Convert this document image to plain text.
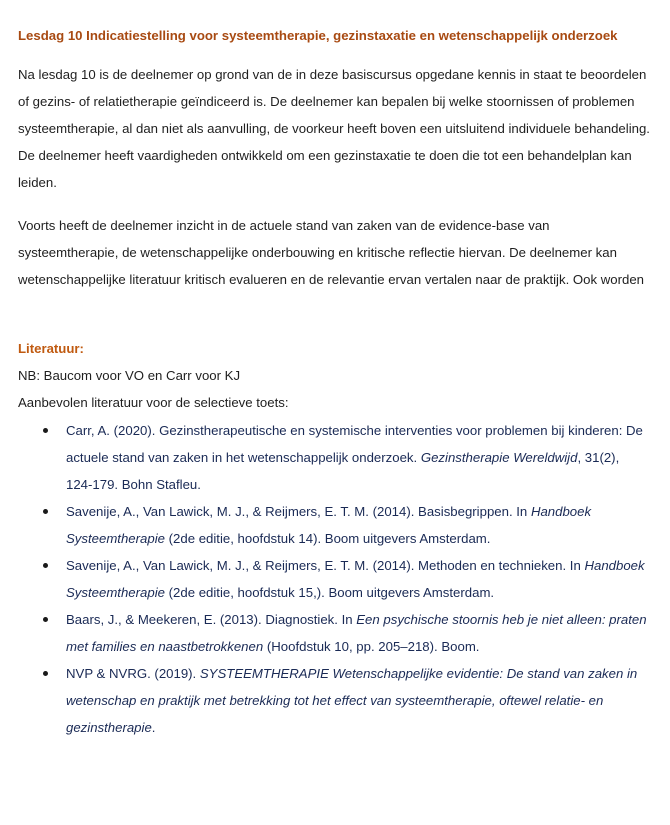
Lesdag 10 Indicatiestelling voor systeemtherapie, gezinstaxatie en wetenschappelijk onderzoek

Na lesdag 10 is de deelnemer op grond van de in deze basiscursus opgedane kennis in staat te beoordelen of gezins- of relatietherapie geïndiceerd is. De deelnemer kan bepalen bij welke stoornissen of problemen systeemtherapie, al dan niet als aanvulling, de voorkeur heeft boven een uitsluitend individuele behandeling. De deelnemer heeft vaardigheden ontwikkeld om een gezinstaxatie te doen die tot een behandelplan kan leiden.

Voorts heeft de deelnemer inzicht in de actuele stand van zaken van de evidence-base van systeemtherapie, de wetenschappelijke onderbouwing en kritische reflectie hiervan. De deelnemer kan wetenschappelijke literatuur kritisch evalueren en de relevantie ervan vertalen naar de praktijk. Ook worden

Literatuur:
NB: Baucom voor VO en Carr voor KJ
Aanbevolen literatuur voor de selectieve toets:
Carr, A. (2020). Gezinstherapeutische en systemische interventies voor problemen bij kinderen: De actuele stand van zaken in het wetenschappelijk onderzoek. Gezinstherapie Wereldwijd, 31(2), 124-179. Bohn Stafleu.
Savenije, A., Van Lawick, M. J., & Reijmers, E. T. M. (2014). Basisbegrippen. In Handboek Systeemtherapie (2de editie, hoofdstuk 14). Boom uitgevers Amsterdam.
Savenije, A., Van Lawick, M. J., & Reijmers, E. T. M. (2014). Methoden en technieken. In Handboek Systeemtherapie (2de editie, hoofdstuk 15,). Boom uitgevers Amsterdam.
Baars, J., & Meekeren, E. (2013). Diagnostiek. In Een psychische stoornis heb je niet alleen: praten met families en naastbetrokkenen (Hoofdstuk 10, pp. 205–218). Boom.
NVP & NVRG. (2019). SYSTEEMTHERAPIE Wetenschappelijke evidentie: De stand van zaken in wetenschap en praktijk met betrekking tot het effect van systeemtherapie, oftewel relatie- en gezinstherapie.
